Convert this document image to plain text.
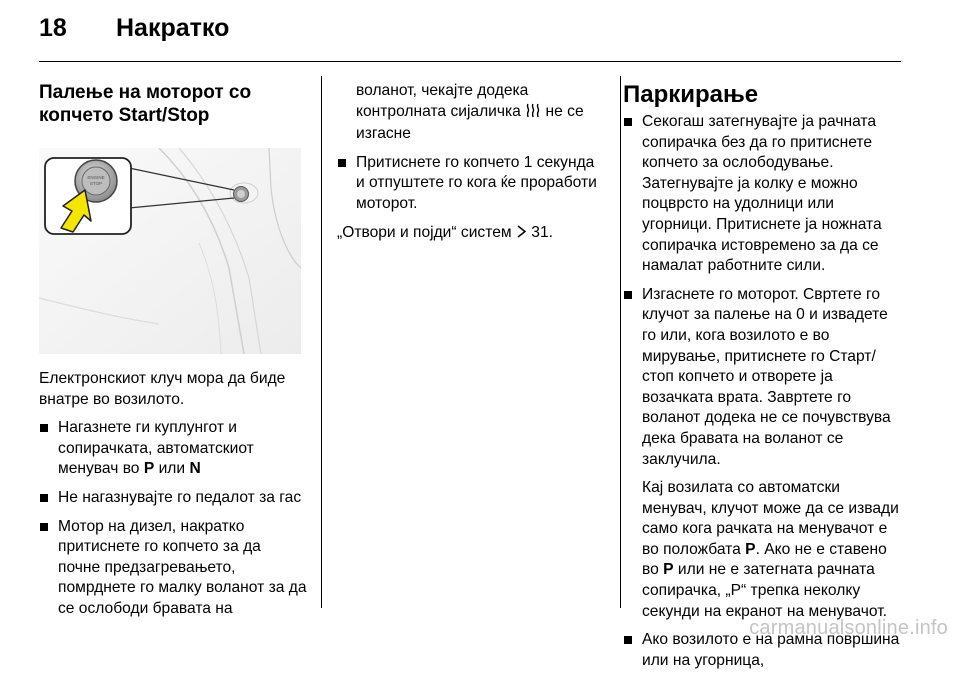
18 Накратко
Палење на моторот со копчето Start/Stop
ENGINE
STOP

Електронскиот клуч мора да биде внатре во возилото.

Нагазнете ги куплунгот и сопирачката, автоматскиот менувач во P или N
Не нагазнувајте го педалот за гас
Мотор на дизел, накратко притиснете го копчето за да почне предзагревањето, помрднете го малку воланот за да се ослободи бравата на

воланот, чекајте додека контролната сијаличка не се изгасне

Притиснете го копчето 1 секунда и отпуштете го кога ќе проработи моторот.

„Отвори и појди“ систем 31.

Паркирање
Секогаш затегнувајте ја рачната сопирачка без да го притиснете копчето за ослободување. Затегнувајте ја колку е можно поцврсто на удолници или угорници. Притиснете ја ножната сопирачка истовремено за да се намалат работните сили.
Изгаснете го моторот. Свртете го клучот за палење на 0 и извадете го или, кога возилото е во мирување, притиснете го Старт/ стоп копчето и отворете ја возачката врата. Завртете го воланот додека не се почувствува дека бравата на воланот се заклучила.

Кај возилата со автоматски менувач, клучот може да се извади само кога рачката на менувачот е во положбата P. Ако не е ставено во P или не е затегната рачната сопирачка, „P“ трепка неколку секунди на екранот на менувачот.

Ако возилото е на рамна површина или на угорница,
carmanualsonline.info
